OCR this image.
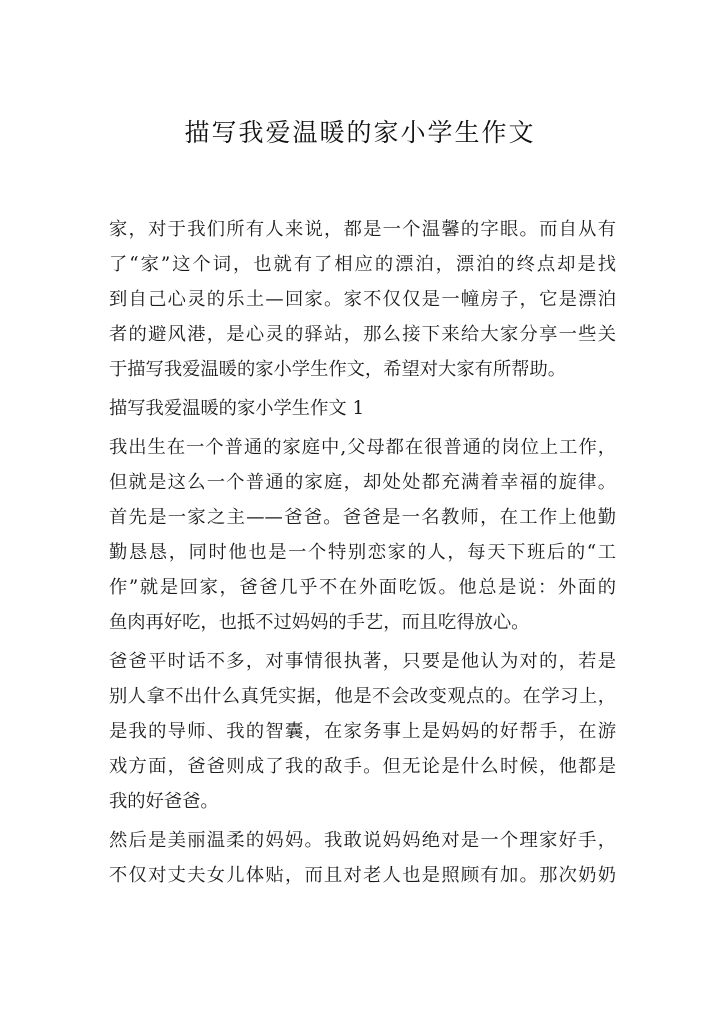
描写我爱温暖的家小学生作文
家，对于我们所有人来说，都是一个温馨的字眼。而自从有
了“家”这个词，也就有了相应的漂泊，漂泊的终点却是找
到自己心灵的乐土—回家。家不仅仅是一幢房子，它是漂泊
者的避风港，是心灵的驿站，那么接下来给大家分享一些关
于描写我爱温暖的家小学生作文，希望对大家有所帮助。
描写我爱温暖的家小学生作文 1
我出生在一个普通的家庭中,父母都在很普通的岗位上工作，
但就是这么一个普通的家庭，却处处都充满着幸福的旋律。
首先是一家之主——爸爸。爸爸是一名教师，在工作上他勤
勤恳恳，同时他也是一个特别恋家的人，每天下班后的“工
作”就是回家，爸爸几乎不在外面吃饭。他总是说：外面的
鱼肉再好吃，也抵不过妈妈的手艺，而且吃得放心。
爸爸平时话不多，对事情很执著，只要是他认为对的，若是
别人拿不出什么真凭实据，他是不会改变观点的。在学习上，
是我的导师、我的智囊，在家务事上是妈妈的好帮手，在游
戏方面，爸爸则成了我的敌手。但无论是什么时候，他都是
我的好爸爸。
然后是美丽温柔的妈妈。我敢说妈妈绝对是一个理家好手，
不仅对丈夫女儿体贴，而且对老人也是照顾有加。那次奶奶
